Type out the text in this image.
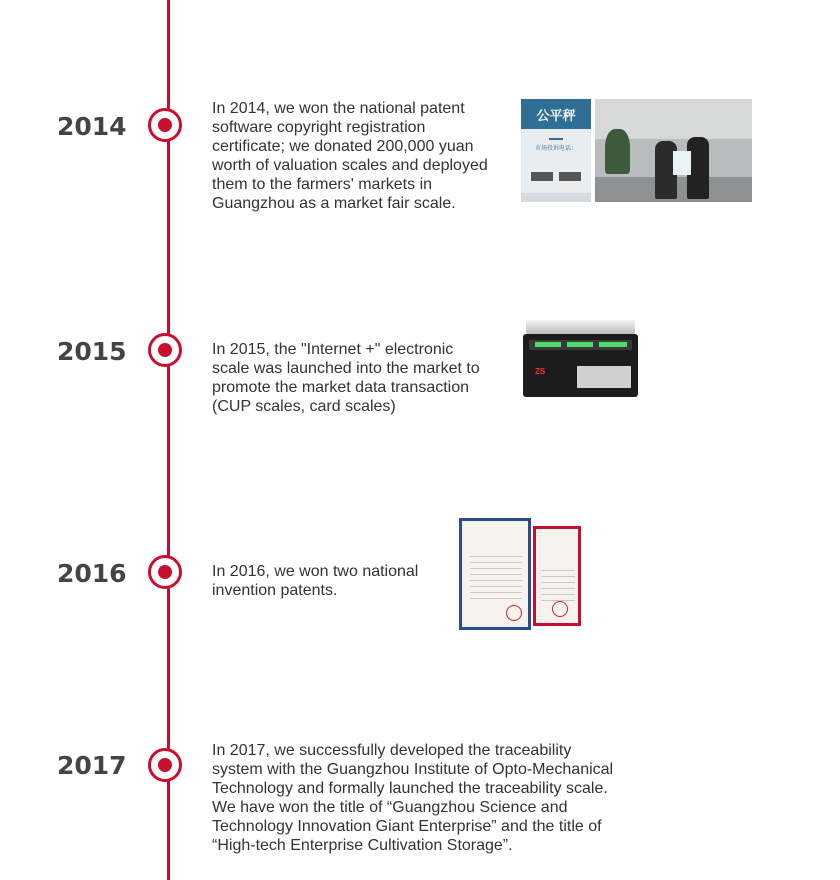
2014
In 2014, we won the national patent
software copyright registration
certificate; we donated 200,000 yuan
worth of valuation scales and deployed
them to the farmers' markets in
Guangzhou as a market fair scale.
公平秤
市场投诉电话：
2015	In 2015, the "Internet +" electronic
scale was launched into the market to
promote the market data transaction
(CUP scales, card scales)
ZS
2016	In 2016, we won two national
invention patents.
2017
In 2017, we successfully developed the traceability
system with the Guangzhou Institute of Opto-Mechanical
Technology and formally launched the traceability scale.
We have won the title of “Guangzhou Science and
Technology Innovation Giant Enterprise” and the title of
“High-tech Enterprise Cultivation Storage”.
